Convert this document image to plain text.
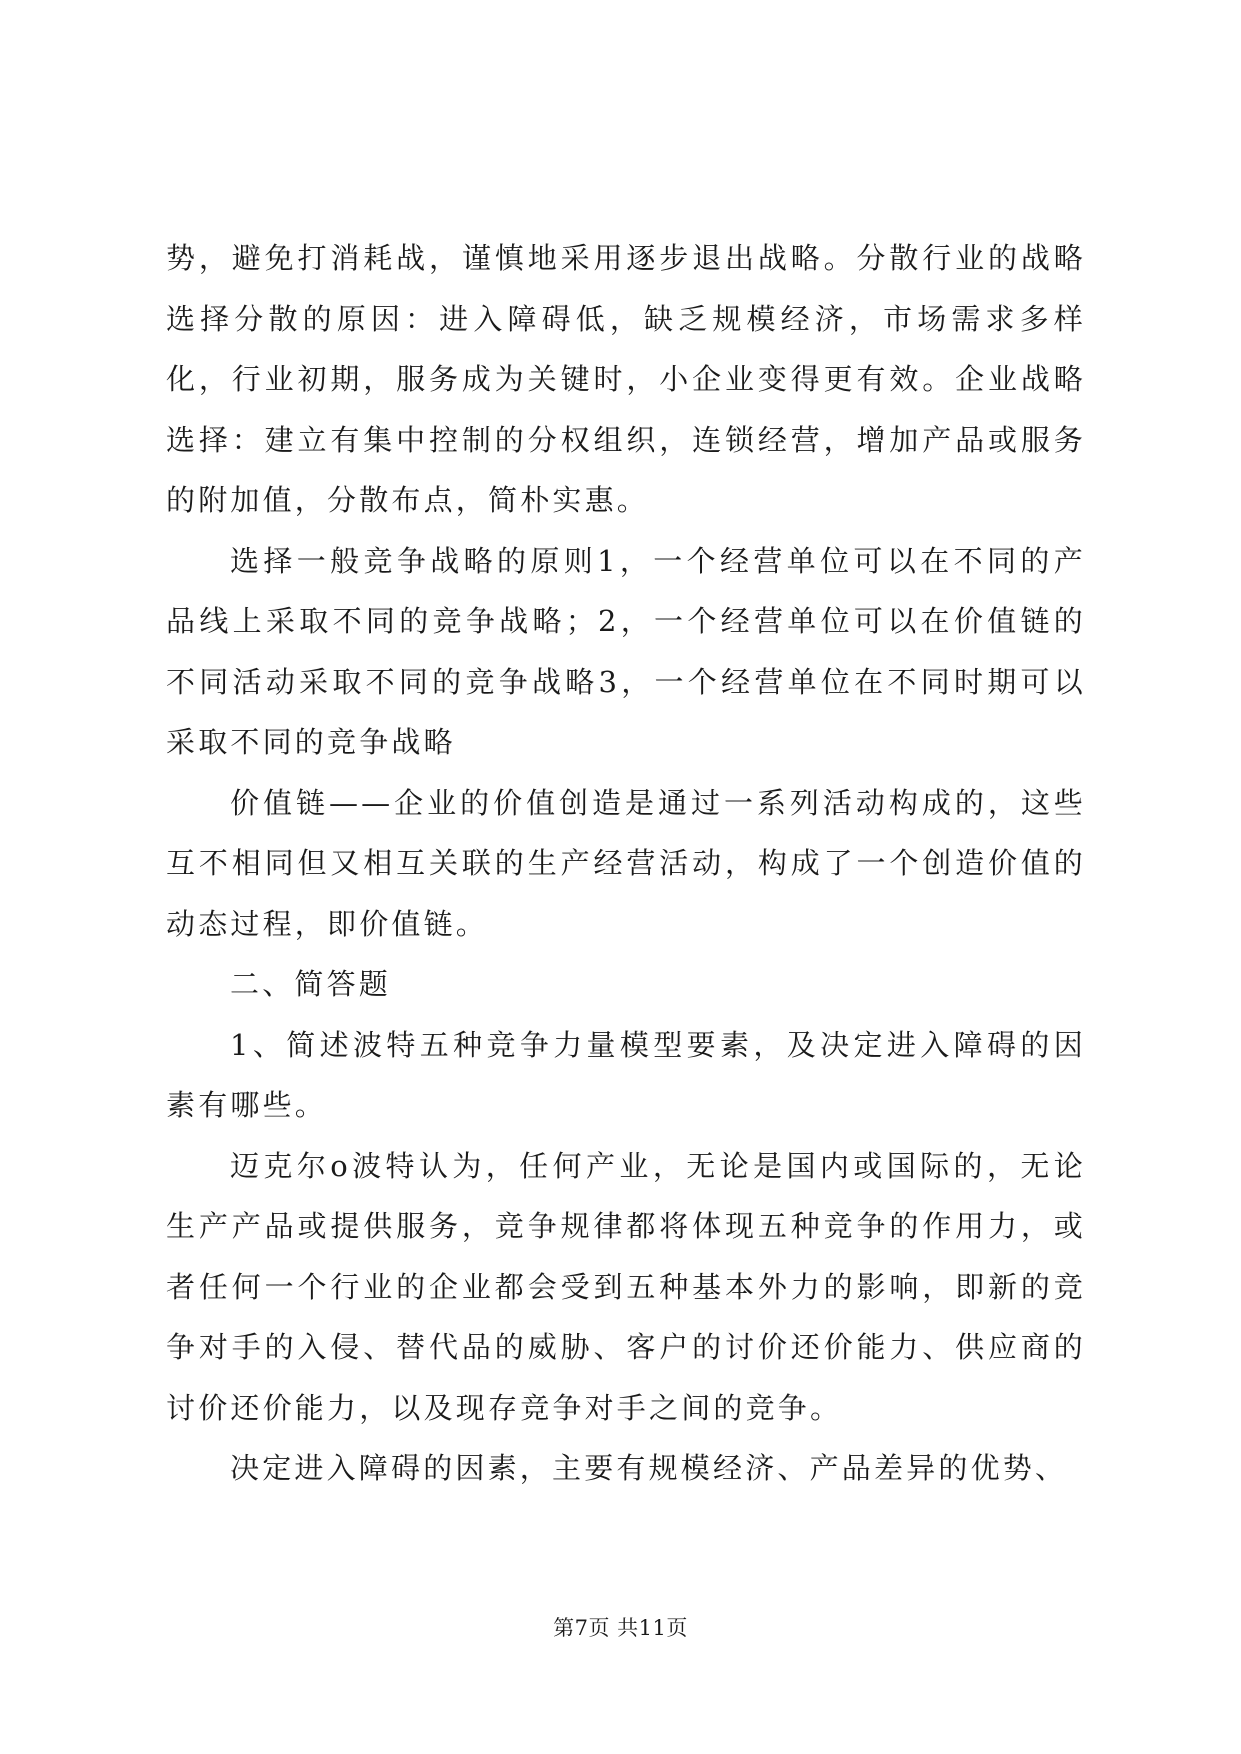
势，避免打消耗战，谨慎地采用逐步退出战略。分散行业的战略选择分散的原因：进入障碍低，缺乏规模经济，市场需求多样化，行业初期，服务成为关键时，小企业变得更有效。企业战略选择：建立有集中控制的分权组织，连锁经营，增加产品或服务的附加值，分散布点，简朴实惠。

选择一般竞争战略的原则1，一个经营单位可以在不同的产品线上采取不同的竞争战略；2，一个经营单位可以在价值链的不同活动采取不同的竞争战略3，一个经营单位在不同时期可以采取不同的竞争战略

价值链——企业的价值创造是通过一系列活动构成的，这些互不相同但又相互关联的生产经营活动，构成了一个创造价值的动态过程，即价值链。

二、简答题

1、简述波特五种竞争力量模型要素，及决定进入障碍的因素有哪些。

迈克尔o波特认为，任何产业，无论是国内或国际的，无论生产产品或提供服务，竞争规律都将体现五种竞争的作用力，或者任何一个行业的企业都会受到五种基本外力的影响，即新的竞争对手的入侵、替代品的威胁、客户的讨价还价能力、供应商的讨价还价能力，以及现存竞争对手之间的竞争。

决定进入障碍的因素，主要有规模经济、产品差异的优势、

第7页 共11页
